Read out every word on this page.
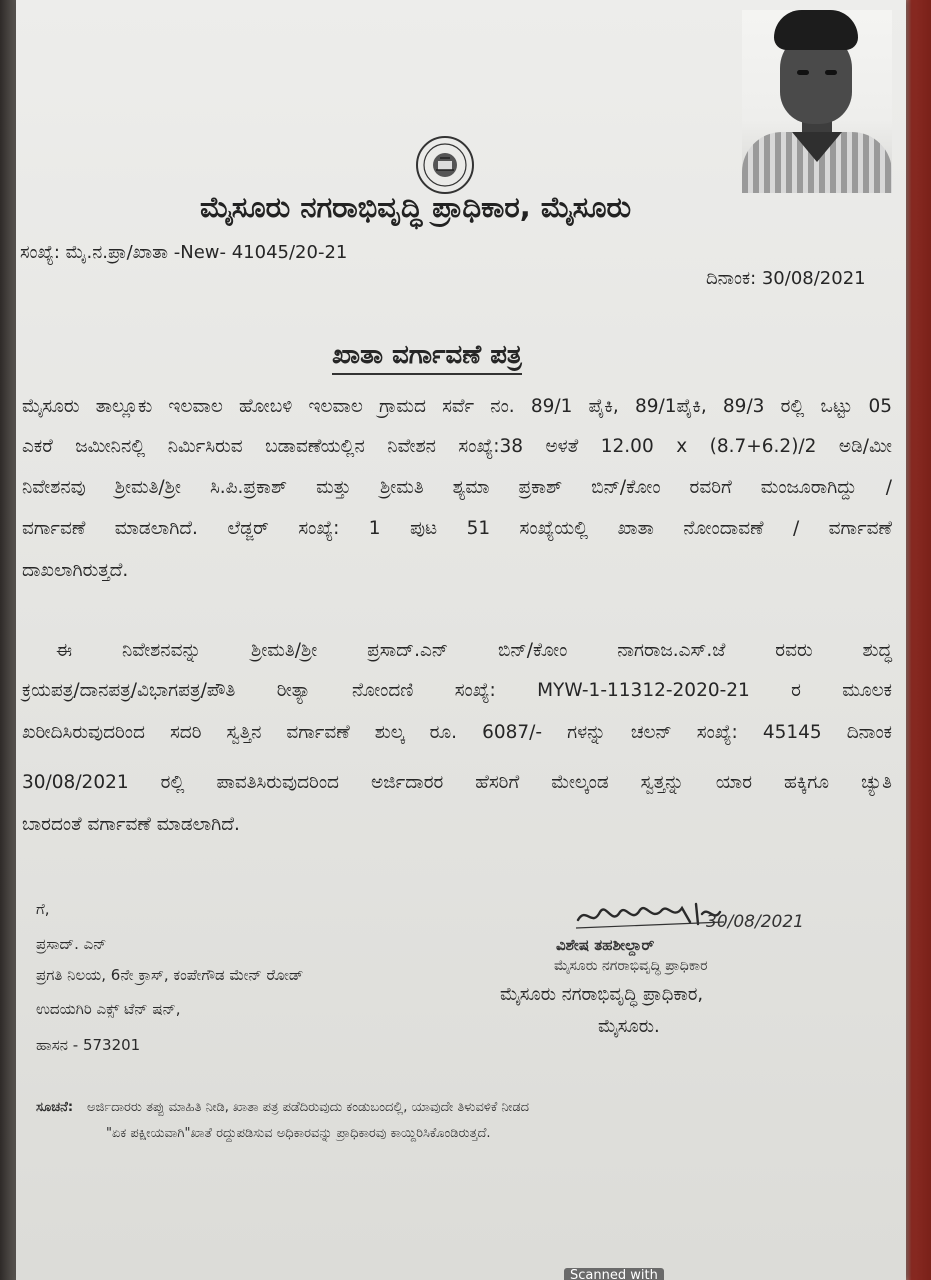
ಮೈಸೂರು ನಗರಾಭಿವೃದ್ಧಿ ಪ್ರಾಧಿಕಾರ, ಮೈಸೂರು
ಸಂಖ್ಯೆ: ಮೈ.ನ.ಪ್ರಾ/ಖಾತಾ -New- 41045/20-21
ದಿನಾಂಕ: 30/08/2021
ಖಾತಾ ವರ್ಗಾವಣೆ ಪತ್ರ
ಮೈಸೂರು ತಾಲ್ಲೂಕು ಇಲವಾಲ ಹೋಬಳಿ ಇಲವಾಲ ಗ್ರಾಮದ ಸರ್ವೆ ನಂ. 89/1 ಪೈಕಿ, 89/1ಪೈಕಿ, 89/3 ರಲ್ಲಿ ಒಟ್ಟು 05
ಎಕರೆ ಜಮೀನಿನಲ್ಲಿ ನಿರ್ಮಿಸಿರುವ ಬಡಾವಣೆಯಲ್ಲಿನ ನಿವೇಶನ ಸಂಖ್ಯೆ:38 ಅಳತೆ 12.00 x (8.7+6.2)/2 ಅಡಿ/ಮೀ
ನಿವೇಶನವು ಶ್ರೀಮತಿ/ಶ್ರೀ ಸಿ.ಪಿ.ಪ್ರಕಾಶ್ ಮತ್ತು ಶ್ರೀಮತಿ ಶ್ಯಮಾ ಪ್ರಕಾಶ್ ಬಿನ್/ಕೋಂ ರವರಿಗೆ ಮಂಜೂರಾಗಿದ್ದು /
ವರ್ಗಾವಣೆ ಮಾಡಲಾಗಿದೆ. ಲೆಡ್ಜರ್ ಸಂಖ್ಯೆ: 1 ಪುಟ 51 ಸಂಖ್ಯೆಯಲ್ಲಿ ಖಾತಾ ನೋಂದಾವಣೆ / ವರ್ಗಾವಣೆ
ದಾಖಲಾಗಿರುತ್ತದೆ.
ಈ ನಿವೇಶನವನ್ನು ಶ್ರೀಮತಿ/ಶ್ರೀ ಪ್ರಸಾದ್.ಎನ್ ಬಿನ್/ಕೋಂ ನಾಗರಾಜ.ಎಸ್.ಜೆ ರವರು ಶುದ್ಧ
ಕ್ರಯಪತ್ರ/ದಾನಪತ್ರ/ವಿಭಾಗಪತ್ರ/ಪೌತಿ ರೀತ್ಯಾ ನೋಂದಣಿ ಸಂಖ್ಯೆ: MYW-1-11312-2020-21 ರ ಮೂಲಕ
ಖರೀದಿಸಿರುವುದರಿಂದ ಸದರಿ ಸ್ವತ್ತಿನ ವರ್ಗಾವಣೆ ಶುಲ್ಕ ರೂ. 6087/- ಗಳನ್ನು ಚಲನ್ ಸಂಖ್ಯೆ: 45145 ದಿನಾಂಕ
30/08/2021 ರಲ್ಲಿ ಪಾವತಿಸಿರುವುದರಿಂದ ಅರ್ಜಿದಾರರ ಹೆಸರಿಗೆ ಮೇಲ್ಕಂಡ ಸ್ವತ್ತನ್ನು ಯಾರ ಹಕ್ಕಿಗೂ ಚ್ಯುತಿ
ಬಾರದಂತೆ ವರ್ಗಾವಣೆ ಮಾಡಲಾಗಿದೆ.
ಗೆ,
ಪ್ರಸಾದ್. ಎನ್
ಪ್ರಗತಿ ನಿಲಯ, 6ನೇ ಕ್ರಾಸ್, ಕಂಪೇಗೌಡ ಮೇನ್ ರೋಡ್
ಉದಯಗಿರಿ ಎಕ್ಸ್ ಟೆನ್ ಷನ್,
ಹಾಸನ - 573201
30/08/2021
ವಿಶೇಷ ತಹಶೀಲ್ದಾರ್
ಮೈಸೂರು ನಗರಾಭಿವೃದ್ಧಿ ಪ್ರಾಧಿಕಾರ
ಮೈಸೂರು ನಗರಾಭಿವೃದ್ಧಿ ಪ್ರಾಧಿಕಾರ,
ಮೈಸೂರು.
ಸೂಚನೆ: ಅರ್ಜಿದಾರರು ತಪ್ಪು ಮಾಹಿತಿ ನೀಡಿ, ಖಾತಾ ಪತ್ರ ಪಡೆದಿರುವುದು ಕಂಡುಬಂದಲ್ಲಿ, ಯಾವುದೇ ತಿಳುವಳಿಕೆ ನೀಡದ
"ಏಕ ಪಕ್ಷೀಯವಾಗಿ"ಖಾತೆ ರದ್ದುಪಡಿಸುವ ಅಧಿಕಾರವನ್ನು ಪ್ರಾಧಿಕಾರವು ಕಾಯ್ದಿರಿಸಿಕೊಂಡಿರುತ್ತದೆ.
Scanned with
